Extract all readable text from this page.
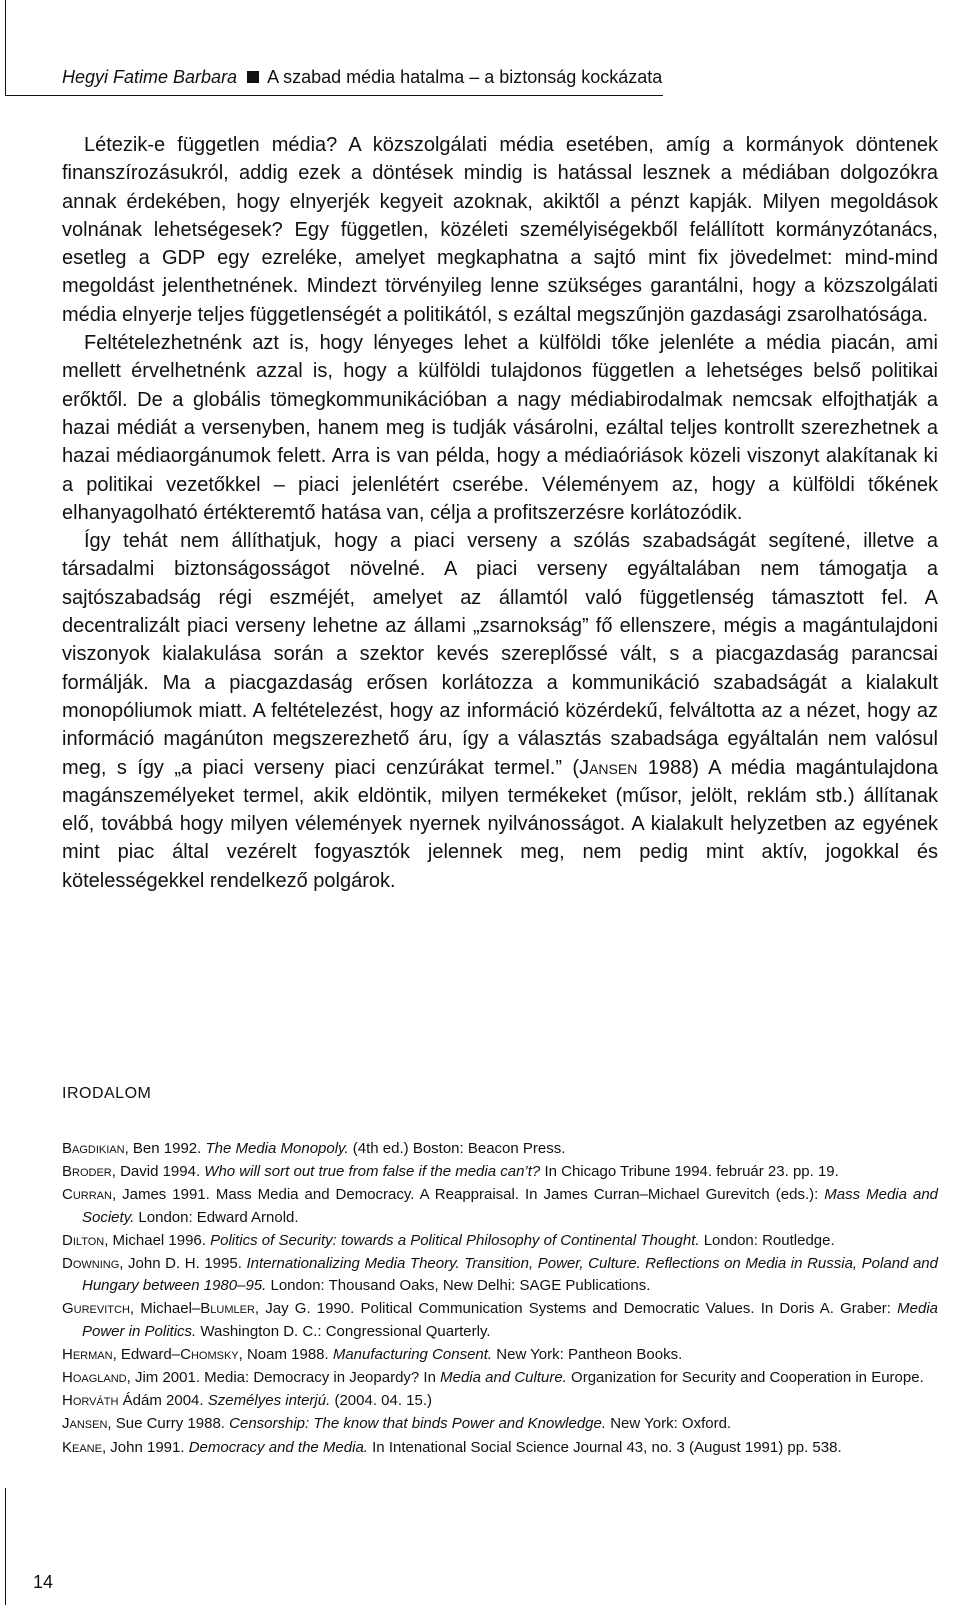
Hegyi Fatime Barbara A szabad média hatalma – a biztonság kockázata

Létezik-e független média? A közszolgálati média esetében, amíg a kormányok döntenek finanszírozásukról, addig ezek a döntések mindig is hatással lesznek a médiában dolgozókra annak érdekében, hogy elnyerjék kegyeit azoknak, akiktől a pénzt kapják. Milyen megoldások volnának lehetségesek? Egy független, közéleti személyiségekből felállított kormányzótanács, esetleg a GDP egy ezreléke, amelyet megkaphatna a sajtó mint fix jövedelmet: mind-mind megoldást jelenthetnének. Mindezt törvényileg lenne szükséges garantálni, hogy a közszolgálati média elnyerje teljes függetlenségét a politikától, s ezáltal megszűnjön gazdasági zsarolhatósága.

Feltételezhetnénk azt is, hogy lényeges lehet a külföldi tőke jelenléte a média piacán, ami mellett érvelhetnénk azzal is, hogy a külföldi tulajdonos független a lehetséges belső politikai erőktől. De a globális tömegkommunikációban a nagy médiabirodalmak nemcsak elfojthatják a hazai médiát a versenyben, hanem meg is tudják vásárolni, ezáltal teljes kontrollt szerezhetnek a hazai médiaorgánumok felett. Arra is van példa, hogy a médiaóriások közeli viszonyt alakítanak ki a politikai vezetőkkel – piaci jelenlétért cserébe. Véleményem az, hogy a külföldi tőkének elhanyagolható értékteremtő hatása van, célja a profitszerzésre korlátozódik.

Így tehát nem állíthatjuk, hogy a piaci verseny a szólás szabadságát segítené, illetve a társadalmi biztonságosságot növelné. A piaci verseny egyáltalában nem támogatja a sajtószabadság régi eszméjét, amelyet az államtól való függetlenség támasztott fel. A decentralizált piaci verseny lehetne az állami „zsarnokság” fő ellenszere, mégis a magántulajdoni viszonyok kialakulása során a szektor kevés szereplőssé vált, s a piacgazdaság parancsai formálják. Ma a piacgazdaság erősen korlátozza a kommunikáció szabadságát a kialakult monopóliumok miatt. A feltételezést, hogy az információ közérdekű, felváltotta az a nézet, hogy az információ magánúton megszerezhető áru, így a választás szabadsága egyáltalán nem valósul meg, s így „a piaci verseny piaci cenzúrákat termel.” (Jansen 1988) A média magántulajdona magánszemélyeket termel, akik eldöntik, milyen termékeket (műsor, jelölt, reklám stb.) állítanak elő, továbbá hogy milyen vélemények nyernek nyilvánosságot. A kialakult helyzetben az egyének mint piac által vezérelt fogyasztók jelennek meg, nem pedig mint aktív, jogokkal és kötelességekkel rendelkező polgárok.

IRODALOM
Bagdikian, Ben 1992. The Media Monopoly. (4th ed.) Boston: Beacon Press.
Broder, David 1994. Who will sort out true from false if the media can’t? In Chicago Tribune 1994. február 23. pp. 19.
Curran, James 1991. Mass Media and Democracy. A Reappraisal. In James Curran–Michael Gurevitch (eds.): Mass Media and Society. London: Edward Arnold.
Dilton, Michael 1996. Politics of Security: towards a Political Philosophy of Continental Thought. London: Routledge.
Downing, John D. H. 1995. Internationalizing Media Theory. Transition, Power, Culture. Reflections on Media in Russia, Poland and Hungary between 1980–95. London: Thousand Oaks, New Delhi: SAGE Publications.
Gurevitch, Michael–Blumler, Jay G. 1990. Political Communication Systems and Democratic Values. In Doris A. Graber: Media Power in Politics. Washington D. C.: Congressional Quarterly.
Herman, Edward–Chomsky, Noam 1988. Manufacturing Consent. New York: Pantheon Books.
Hoagland, Jim 2001. Media: Democracy in Jeopardy? In Media and Culture. Organization for Security and Cooperation in Europe.
Horváth Ádám 2004. Személyes interjú. (2004. 04. 15.)
Jansen, Sue Curry 1988. Censorship: The know that binds Power and Knowledge. New York: Oxford.
Keane, John 1991. Democracy and the Media. In Intenational Social Science Journal 43, no. 3 (August 1991) pp. 538.
14
